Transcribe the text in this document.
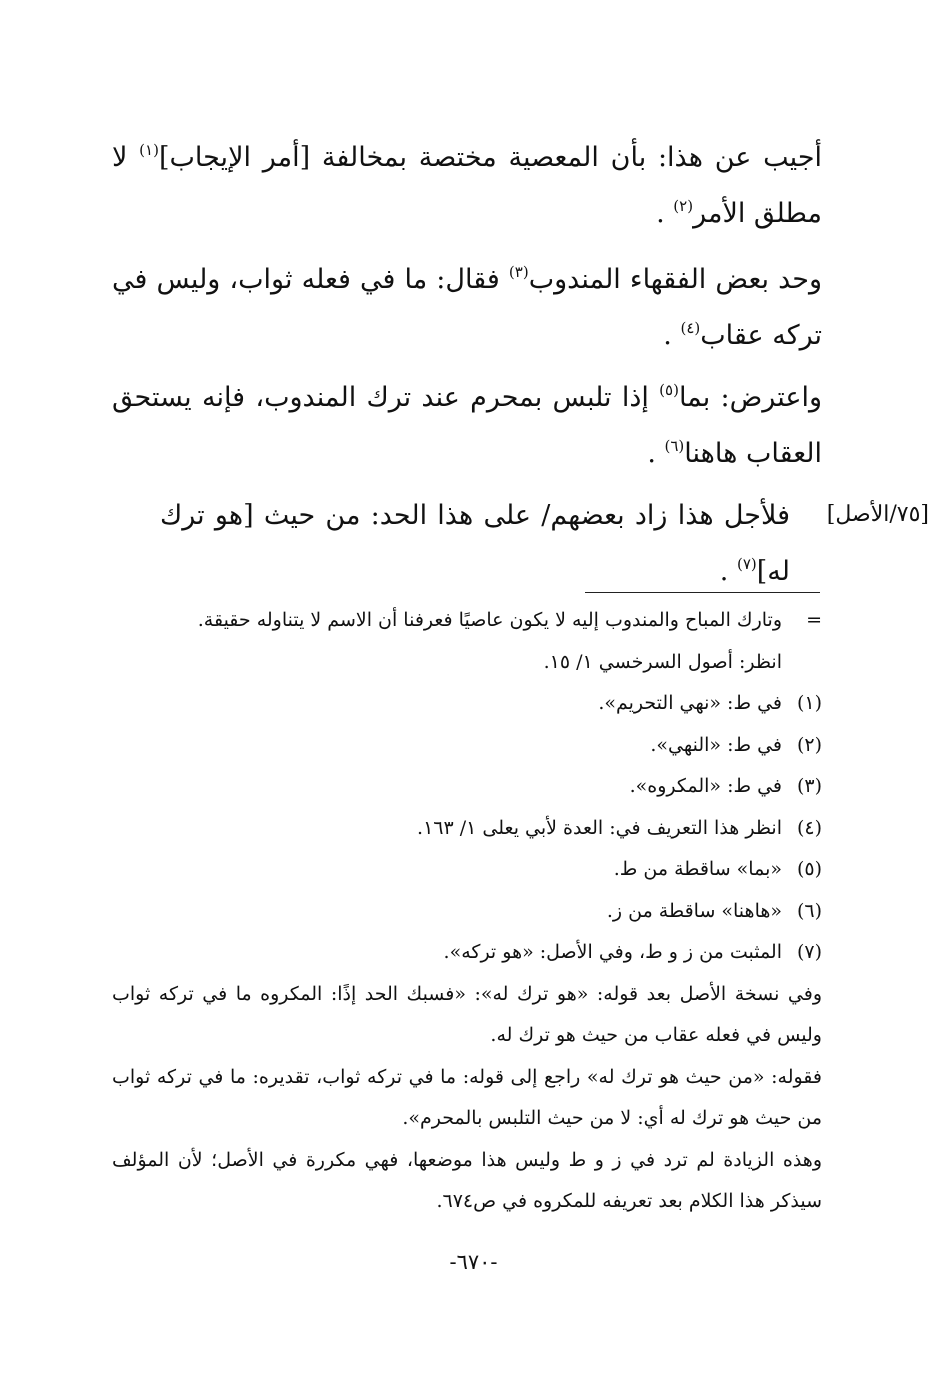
أجيب عن هذا: بأن المعصية مختصة بمخالفة [أمر الإيجاب]$^{(١)}$ لا مطلق الأمر$^{(٢)}$ .

وحد بعض الفقهاء المندوب$^{(٣)}$ فقال: ما في فعله ثواب، وليس في تركه عقاب$^{(٤)}$ .

واعترض: بما$^{(٥)}$ إذا تلبس بمحرم عند ترك المندوب، فإنه يستحق العقاب هاهنا$^{(٦)}$ .

فلأجل هذا زاد بعضهم/ على هذا الحد: من حيث [هو ترك له]$^{(٧)}$ .

[٧٥/الأصل]
=
وتارك المباح والمندوب إليه لا يكون عاصيًا فعرفنا أن الاسم لا يتناوله حقيقة.
انظر: أصول السرخسي ١/ ١٥.
(١)
في ط: «نهي التحريم».
(٢)
في ط: «النهي».
(٣)
في ط: «المكروه».
(٤)
انظر هذا التعريف في: العدة لأبي يعلى ١/ ١٦٣.
(٥)
«بما» ساقطة من ط.
(٦)
«هاهنا» ساقطة من ز.
(٧)
المثبت من ز و ط، وفي الأصل: «هو تركه».
وفي نسخة الأصل بعد قوله: «هو ترك له»: «فسبك الحد إذًا: المكروه ما في تركه ثواب وليس في فعله عقاب من حيث هو ترك له.
فقوله: «من حيث هو ترك له» راجع إلى قوله: ما في تركه ثواب، تقديره: ما في تركه ثواب من حيث هو ترك له أي: لا من حيث التلبس بالمحرم».
وهذه الزيادة لم ترد في ز و ط وليس هذا موضعها، فهي مكررة في الأصل؛ لأن المؤلف سيذكر هذا الكلام بعد تعريفه للمكروه في ص٦٧٤.
-٦٧٠-
